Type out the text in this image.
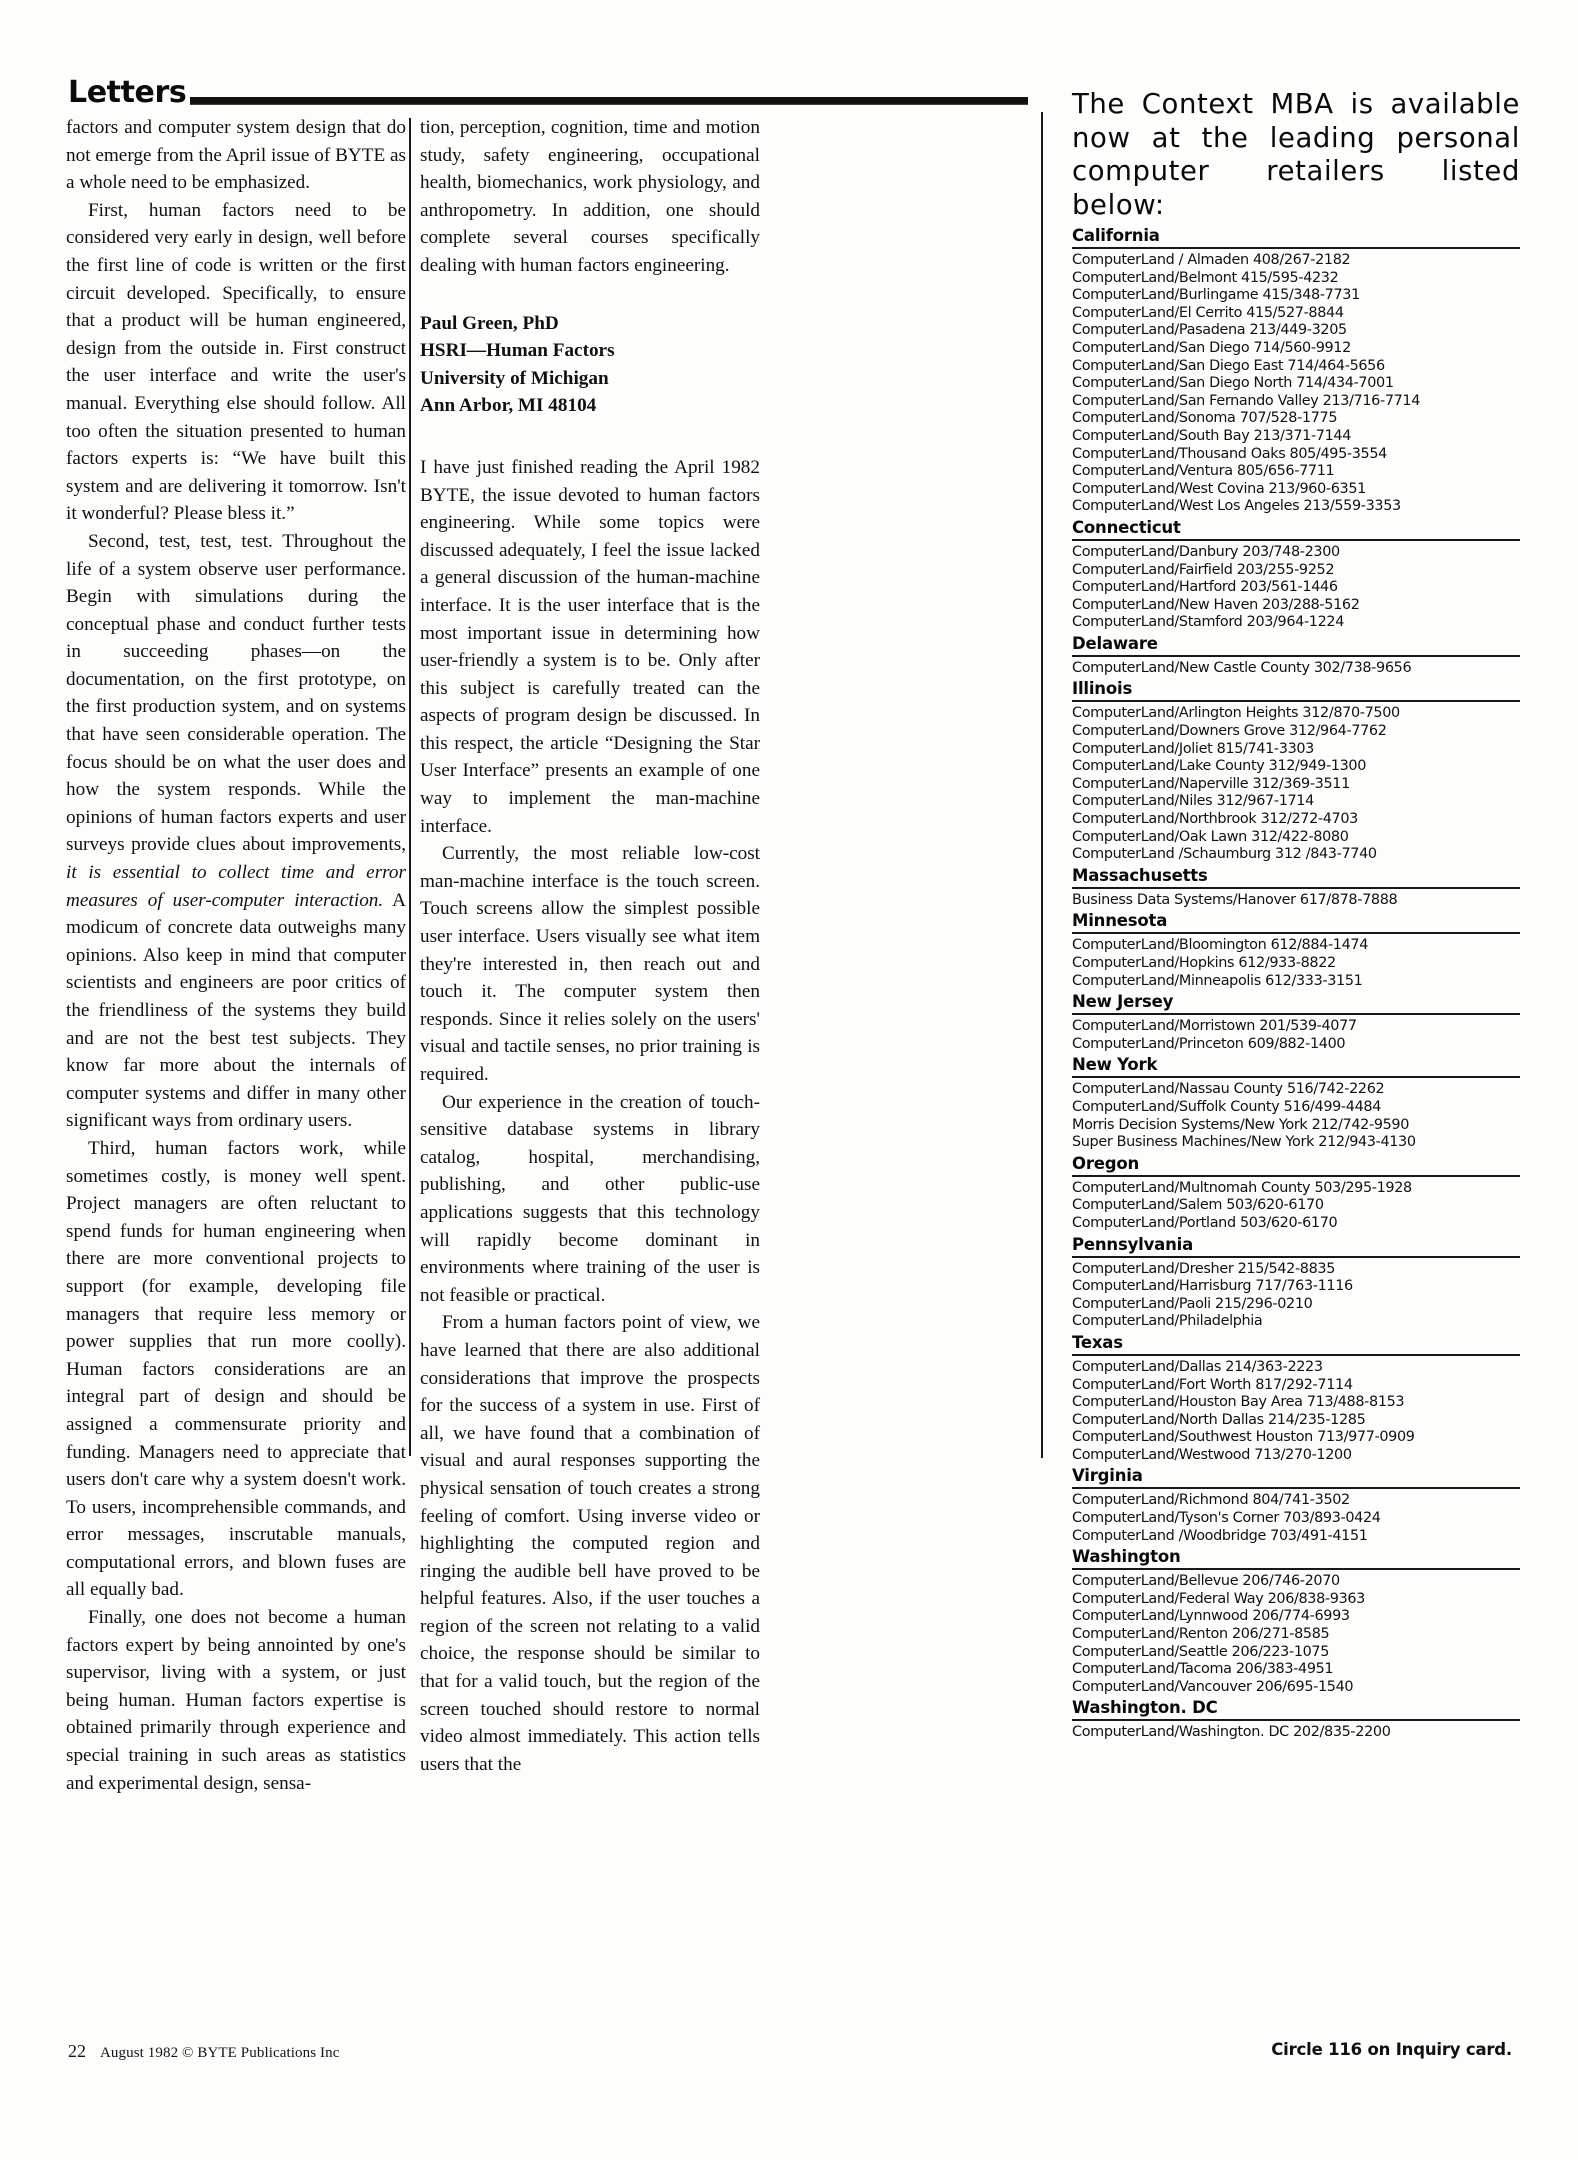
Letters

factors and computer system design that do not emerge from the April issue of BYTE as a whole need to be emphasized.

First, human factors need to be considered very early in design, well before the first line of code is written or the first circuit developed. Specifically, to ensure that a product will be human engineered, design from the outside in. First construct the user interface and write the user's manual. Everything else should follow. All too often the situation presented to human factors experts is: “We have built this system and are delivering it tomorrow. Isn't it wonderful? Please bless it.”

Second, test, test, test. Throughout the life of a system observe user performance. Begin with simulations during the conceptual phase and conduct further tests in succeeding phases—on the documentation, on the first prototype, on the first production system, and on systems that have seen considerable operation. The focus should be on what the user does and how the system responds. While the opinions of human factors experts and user surveys provide clues about improvements, it is essential to collect time and error measures of user-computer interaction. A modicum of concrete data outweighs many opinions. Also keep in mind that computer scientists and engineers are poor critics of the friendliness of the systems they build and are not the best test subjects. They know far more about the internals of computer systems and differ in many other significant ways from ordinary users.

Third, human factors work, while sometimes costly, is money well spent. Project managers are often reluctant to spend funds for human engineering when there are more conventional projects to support (for example, developing file managers that require less memory or power supplies that run more coolly). Human factors considerations are an integral part of design and should be assigned a commensurate priority and funding. Managers need to appreciate that users don't care why a system doesn't work. To users, incomprehensible commands, and error messages, inscrutable manuals, computational errors, and blown fuses are all equally bad.

Finally, one does not become a human factors expert by being annointed by one's supervisor, living with a system, or just being human. Human factors expertise is obtained primarily through experience and special training in such areas as statistics and experimental design, sensa-

tion, perception, cognition, time and motion study, safety engineering, occupational health, biomechanics, work physiology, and anthropometry. In addition, one should complete several courses specifically dealing with human factors engineering.

Paul Green, PhD
HSRI—Human Factors
University of Michigan
Ann Arbor, MI 48104

I have just finished reading the April 1982 BYTE, the issue devoted to human factors engineering. While some topics were discussed adequately, I feel the issue lacked a general discussion of the human-machine interface. It is the user interface that is the most important issue in determining how user-friendly a system is to be. Only after this subject is carefully treated can the aspects of program design be discussed. In this respect, the article “Designing the Star User Interface” presents an example of one way to implement the man-machine interface.

Currently, the most reliable low-cost man-machine interface is the touch screen. Touch screens allow the simplest possible user interface. Users visually see what item they're interested in, then reach out and touch it. The computer system then responds. Since it relies solely on the users' visual and tactile senses, no prior training is required.

Our experience in the creation of touch-sensitive database systems in library catalog, hospital, merchandising, publishing, and other public-use applications suggests that this technology will rapidly become dominant in environments where training of the user is not feasible or practical.

From a human factors point of view, we have learned that there are also additional considerations that improve the prospects for the success of a system in use. First of all, we have found that a combination of visual and aural responses supporting the physical sensation of touch creates a strong feeling of comfort. Using inverse video or highlighting the computed region and ringing the audible bell have proved to be helpful features. Also, if the user touches a region of the screen not relating to a valid choice, the response should be similar to that for a valid touch, but the region of the screen touched should restore to normal video almost immediately. This action tells users that the

The Context MBA is available now at the leading personal computer retailers listed below:
California
ComputerLand / Almaden 408/267-2182
ComputerLand/Belmont 415/595-4232
ComputerLand/Burlingame 415/348-7731
ComputerLand/El Cerrito 415/527-8844
ComputerLand/Pasadena 213/449-3205
ComputerLand/San Diego 714/560-9912
ComputerLand/San Diego East 714/464-5656
ComputerLand/San Diego North 714/434-7001
ComputerLand/San Fernando Valley 213/716-7714
ComputerLand/Sonoma 707/528-1775
ComputerLand/South Bay 213/371-7144
ComputerLand/Thousand Oaks 805/495-3554
ComputerLand/Ventura 805/656-7711
ComputerLand/West Covina 213/960-6351
ComputerLand/West Los Angeles 213/559-3353
Connecticut
ComputerLand/Danbury 203/748-2300
ComputerLand/Fairfield 203/255-9252
ComputerLand/Hartford 203/561-1446
ComputerLand/New Haven 203/288-5162
ComputerLand/Stamford 203/964-1224
Delaware
ComputerLand/New Castle County 302/738-9656
Illinois
ComputerLand/Arlington Heights 312/870-7500
ComputerLand/Downers Grove 312/964-7762
ComputerLand/Joliet 815/741-3303
ComputerLand/Lake County 312/949-1300
ComputerLand/Naperville 312/369-3511
ComputerLand/Niles 312/967-1714
ComputerLand/Northbrook 312/272-4703
ComputerLand/Oak Lawn 312/422-8080
ComputerLand /Schaumburg 312 /843-7740
Massachusetts
Business Data Systems/Hanover 617/878-7888
Minnesota
ComputerLand/Bloomington 612/884-1474
ComputerLand/Hopkins 612/933-8822
ComputerLand/Minneapolis 612/333-3151
New Jersey
ComputerLand/Morristown 201/539-4077
ComputerLand/Princeton 609/882-1400
New York
ComputerLand/Nassau County 516/742-2262
ComputerLand/Suffolk County 516/499-4484
Morris Decision Systems/New York 212/742-9590
Super Business Machines/New York 212/943-4130
Oregon
ComputerLand/Multnomah County 503/295-1928
ComputerLand/Salem 503/620-6170
ComputerLand/Portland 503/620-6170
Pennsylvania
ComputerLand/Dresher 215/542-8835
ComputerLand/Harrisburg 717/763-1116
ComputerLand/Paoli 215/296-0210
ComputerLand/Philadelphia
Texas
ComputerLand/Dallas 214/363-2223
ComputerLand/Fort Worth 817/292-7114
ComputerLand/Houston Bay Area 713/488-8153
ComputerLand/North Dallas 214/235-1285
ComputerLand/Southwest Houston 713/977-0909
ComputerLand/Westwood 713/270-1200
Virginia
ComputerLand/Richmond 804/741-3502
ComputerLand/Tyson's Corner 703/893-0424
ComputerLand /Woodbridge 703/491-4151
Washington
ComputerLand/Bellevue 206/746-2070
ComputerLand/Federal Way 206/838-9363
ComputerLand/Lynnwood 206/774-6993
ComputerLand/Renton 206/271-8585
ComputerLand/Seattle 206/223-1075
ComputerLand/Tacoma 206/383-4951
ComputerLand/Vancouver 206/695-1540
Washington. DC
ComputerLand/Washington. DC 202/835-2200
22 August 1982 © BYTE Publications Inc	Circle 116 on Inquiry card.
